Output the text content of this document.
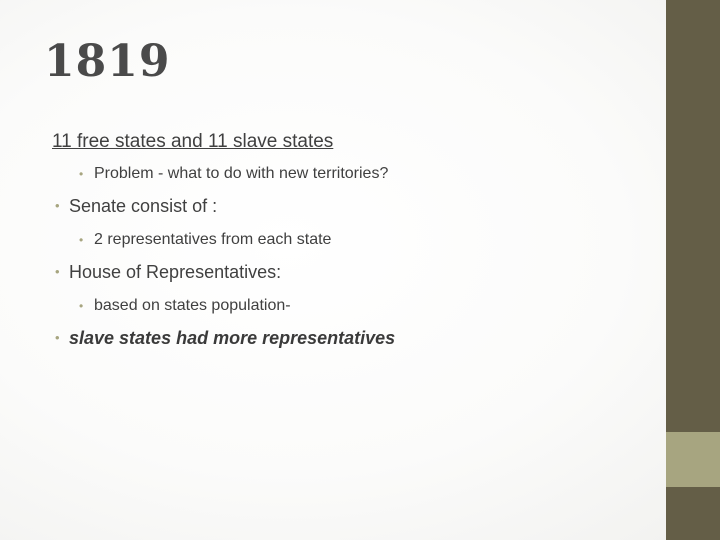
1819
11 free states and 11 slave states
• Problem - what to do with new territories?
• Senate consist of :
• 2 representatives from each state
• House of Representatives:
• based on states population-
• slave states had more representatives
